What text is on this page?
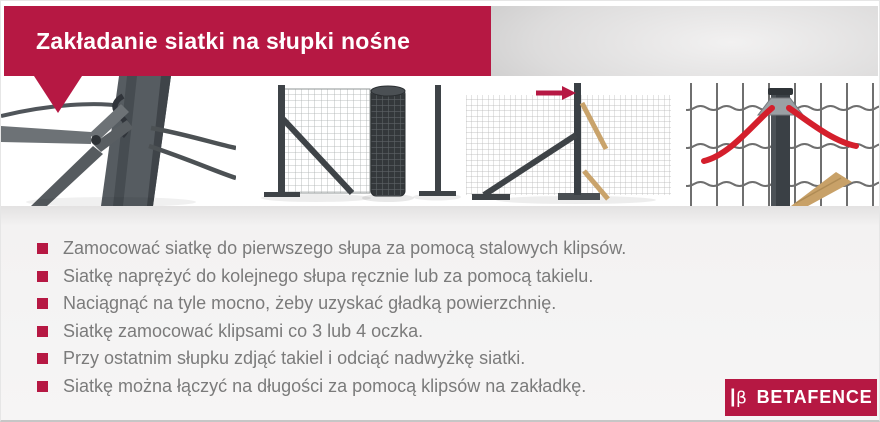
Zakładanie siatki na słupki nośne
Zamocować siatkę do pierwszego słupa za pomocą stalowych klipsów.
Siatkę naprężyć do kolejnego słupa ręcznie lub za pomocą takielu.
Naciągnąć na tyle mocno, żeby uzyskać gładką powierzchnię.
Siatkę zamocować klipsami co 3 lub 4 oczka.
Przy ostatnim słupku zdjąć takiel i odciąć nadwyżkę siatki.
Siatkę można łączyć na długości za pomocą klipsów na zakładkę.
β BETAFENCE
